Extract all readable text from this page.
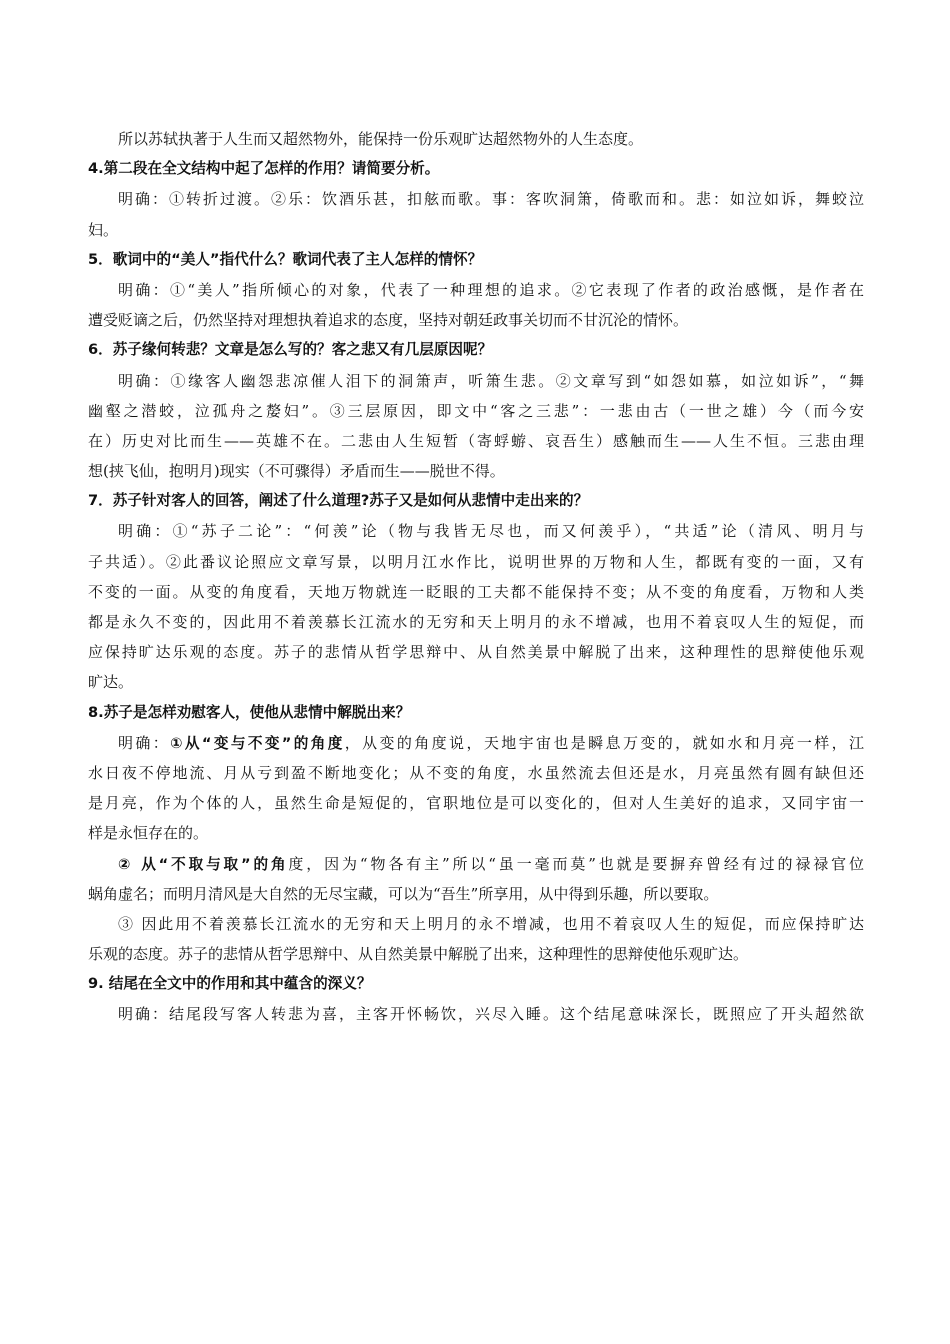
所以苏轼执著于人生而又超然物外，能保持一份乐观旷达超然物外的人生态度。
4.第二段在全文结构中起了怎样的作用？请简要分析。
明确：①转折过渡。②乐：饮酒乐甚，扣舷而歌。事：客吹洞箫，倚歌而和。悲：如泣如诉，舞蛟泣
妇。
5．歌词中的“美人”指代什么？歌词代表了主人怎样的情怀？
明确：①“美人”指所倾心的对象，代表了一种理想的追求。②它表现了作者的政治感慨，是作者在
遭受贬谪之后，仍然坚持对理想执着追求的态度，坚持对朝廷政事关切而不甘沉沦的情怀。
6．苏子缘何转悲？文章是怎么写的？客之悲又有几层原因呢？
明确：①缘客人幽怨悲凉催人泪下的洞箫声，听箫生悲。②文章写到“如怨如慕，如泣如诉”，“舞
幽壑之潜蛟，泣孤舟之嫠妇”。③三层原因，即文中“客之三悲”：一悲由古（一世之雄）今（而今安
在）历史对比而生——英雄不在。二悲由人生短暂（寄蜉蝣、哀吾生）感触而生——人生不恒。三悲由理
想(挟飞仙，抱明月)现实（不可骤得）矛盾而生——脱世不得。
7．苏子针对客人的回答，阐述了什么道理?苏子又是如何从悲情中走出来的？
明确：①“苏子二论”：“何羡”论（物与我皆无尽也，而又何羡乎），“共适”论（清风、明月与
子共适）。②此番议论照应文章写景，以明月江水作比，说明世界的万物和人生，都既有变的一面，又有
不变的一面。从变的角度看，天地万物就连一眨眼的工夫都不能保持不变；从不变的角度看，万物和人类
都是永久不变的，因此用不着羡慕长江流水的无穷和天上明月的永不增减，也用不着哀叹人生的短促，而
应保持旷达乐观的态度。苏子的悲情从哲学思辩中、从自然美景中解脱了出来，这种理性的思辩使他乐观
旷达。
8.苏子是怎样劝慰客人，使他从悲情中解脱出来？
明确：①从“变与不变”的角度，从变的角度说，天地宇宙也是瞬息万变的，就如水和月亮一样，江
水日夜不停地流、月从亏到盈不断地变化；从不变的角度，水虽然流去但还是水，月亮虽然有圆有缺但还
是月亮，作为个体的人，虽然生命是短促的，官职地位是可以变化的，但对人生美好的追求，又同宇宙一
样是永恒存在的。
② 从“不取与取”的角度，因为“物各有主”所以“虽一毫而莫”也就是要摒弃曾经有过的禄禄官位
蜗角虚名；而明月清风是大自然的无尽宝藏，可以为“吾生”所享用，从中得到乐趣，所以要取。
③ 因此用不着羡慕长江流水的无穷和天上明月的永不增减，也用不着哀叹人生的短促，而应保持旷达
乐观的态度。苏子的悲情从哲学思辩中、从自然美景中解脱了出来，这种理性的思辩使他乐观旷达。
9. 结尾在全文中的作用和其中蕴含的深义？
明确：结尾段写客人转悲为喜，主客开怀畅饮，兴尽入睡。这个结尾意味深长，既照应了开头超然欲
